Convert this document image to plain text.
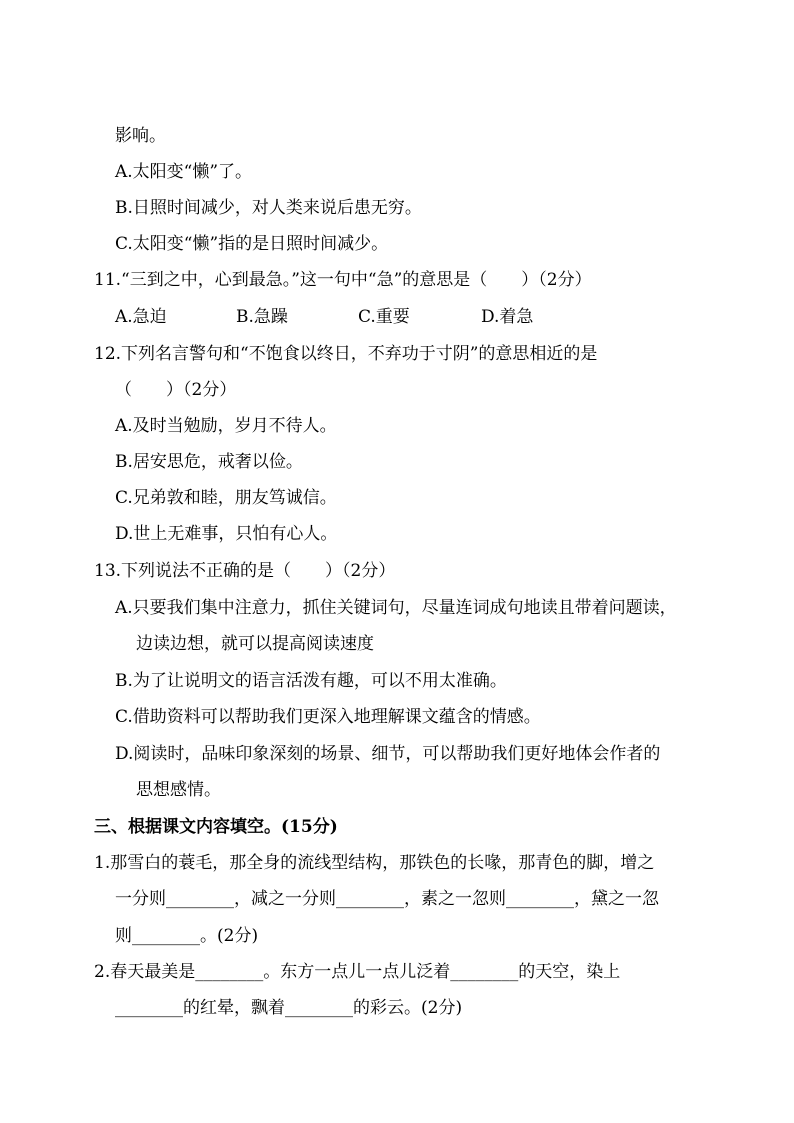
影响。
A.太阳变“懒”了。
B.日照时间减少，对人类来说后患无穷。
C.太阳变“懒”指的是日照时间减少。
11.“三到之中，心到最急。”这一句中“急”的意思是（　　）（2分）
A.急迫	B.急躁	C.重要	D.着急
12.下列名言警句和“不饱食以终日，不弃功于寸阴”的意思相近的是
（　　）（2分）
A.及时当勉励，岁月不待人。
B.居安思危，戒奢以俭。
C.兄弟敦和睦，朋友笃诚信。
D.世上无难事，只怕有心人。
13.下列说法不正确的是（　　）（2分）
A.只要我们集中注意力，抓住关键词句，尽量连词成句地读且带着问题读，
边读边想，就可以提高阅读速度
B.为了让说明文的语言活泼有趣，可以不用太准确。
C.借助资料可以帮助我们更深入地理解课文蕴含的情感。
D.阅读时，品味印象深刻的场景、细节，可以帮助我们更好地体会作者的
思想感情。
三、根据课文内容填空。(15分)
1.那雪白的蓑毛，那全身的流线型结构，那铁色的长喙，那青色的脚，增之
一分则________，减之一分则________，素之一忽则________，黛之一忽
则________。(2分)
2.春天最美是________。东方一点儿一点儿泛着________的天空，染上
________的红晕，飘着________的彩云。(2分)
